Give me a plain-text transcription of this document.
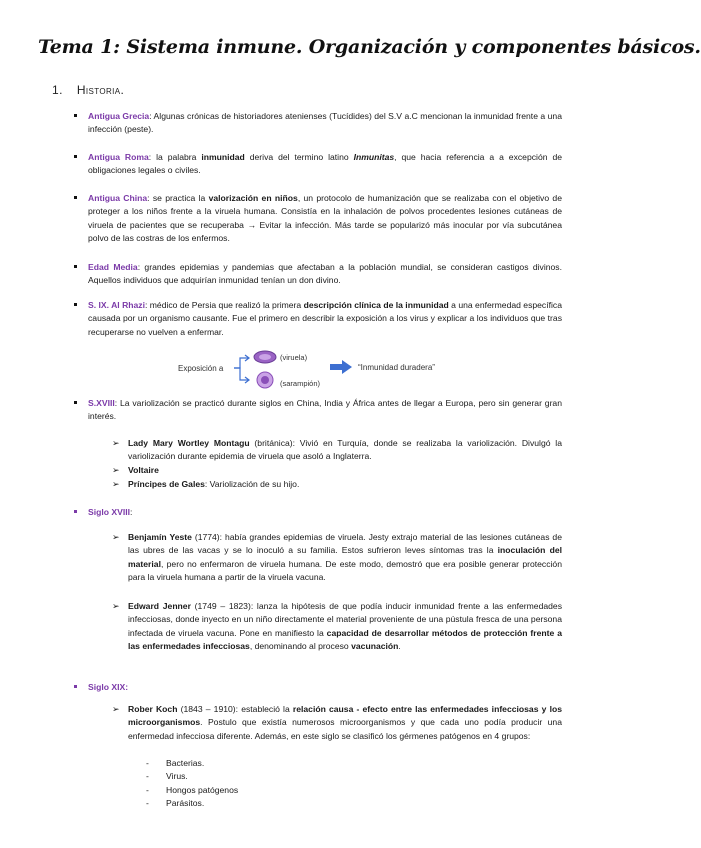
Tema 1: Sistema inmune. Organización y componentes básicos.
1. Historia.
Antigua Grecia: Algunas crónicas de historiadores atenienses (Tucídides) del S.V a.C mencionan la inmunidad frente a una infección (peste).
Antigua Roma: la palabra inmunidad deriva del termino latino Inmunitas, que hacia referencia a a excepción de obligaciones legales o civiles.
Antigua China: se practica la valorización en niños, un protocolo de humanización que se realizaba con el objetivo de proteger a los niños frente a la viruela humana. Consistía en la inhalación de polvos procedentes lesiones cutáneas de viruela de pacientes que se recuperaba → Evitar la infección. Más tarde se popularizó más inocular por vía subcutánea polvo de las costras de los enfermos.
Edad Media: grandes epidemias y pandemias que afectaban a la población mundial, se consideran castigos divinos. Aquellos individuos que adquirían inmunidad tenían un don divino.
S. IX. Al Rhazi: médico de Persia que realizó la primera descripción clínica de la inmunidad a una enfermedad específica causada por un organismo causante. Fue el primero en describir la exposición a los virus y explicar a los individuos que tras recuperarse no vuelven a enfermar.
Exposición a
(viruela)
(sarampión)
“Inmunidad duradera”
S.XVIII: La variolización se practicó durante siglos en China, India y África antes de llegar a Europa, pero sin generar gran interés.
➢ Lady Mary Wortley Montagu (británica): Vivió en Turquía, donde se realizaba la variolización. Divulgó la variolización durante epidemia de viruela que asoló a Inglaterra.
➢ Voltaire
➢ Príncipes de Gales: Variolización de su hijo.
Siglo XVIII:
➢ Benjamín Yeste (1774): había grandes epidemias de viruela. Jesty extrajo material de las lesiones cutáneas de las ubres de las vacas y se lo inoculó a su familia. Estos sufrieron leves síntomas tras la inoculación del material, pero no enfermaron de viruela humana. De este modo, demostró que era posible generar protección para la viruela humana a partir de la viruela vacuna.
➢ Edward Jenner (1749 – 1823): lanza la hipótesis de que podía inducir inmunidad frente a las enfermedades infecciosas, donde inyecto en un niño directamente el material proveniente de una pústula fresca de una persona infectada de viruela vacuna. Pone en manifiesto la capacidad de desarrollar métodos de protección frente a las enfermedades infecciosas, denominando al proceso vacunación.
Siglo XIX:
➢ Rober Koch (1843 – 1910): estableció la relación causa - efecto entre las enfermedades infecciosas y los microorganismos. Postulo que existía numerosos microorganismos y que cada uno podía producir una enfermedad infecciosa diferente. Además, en este siglo se clasificó los gérmenes patógenos en 4 grupos:
- Bacterias.
- Virus.
- Hongos patógenos
- Parásitos.
